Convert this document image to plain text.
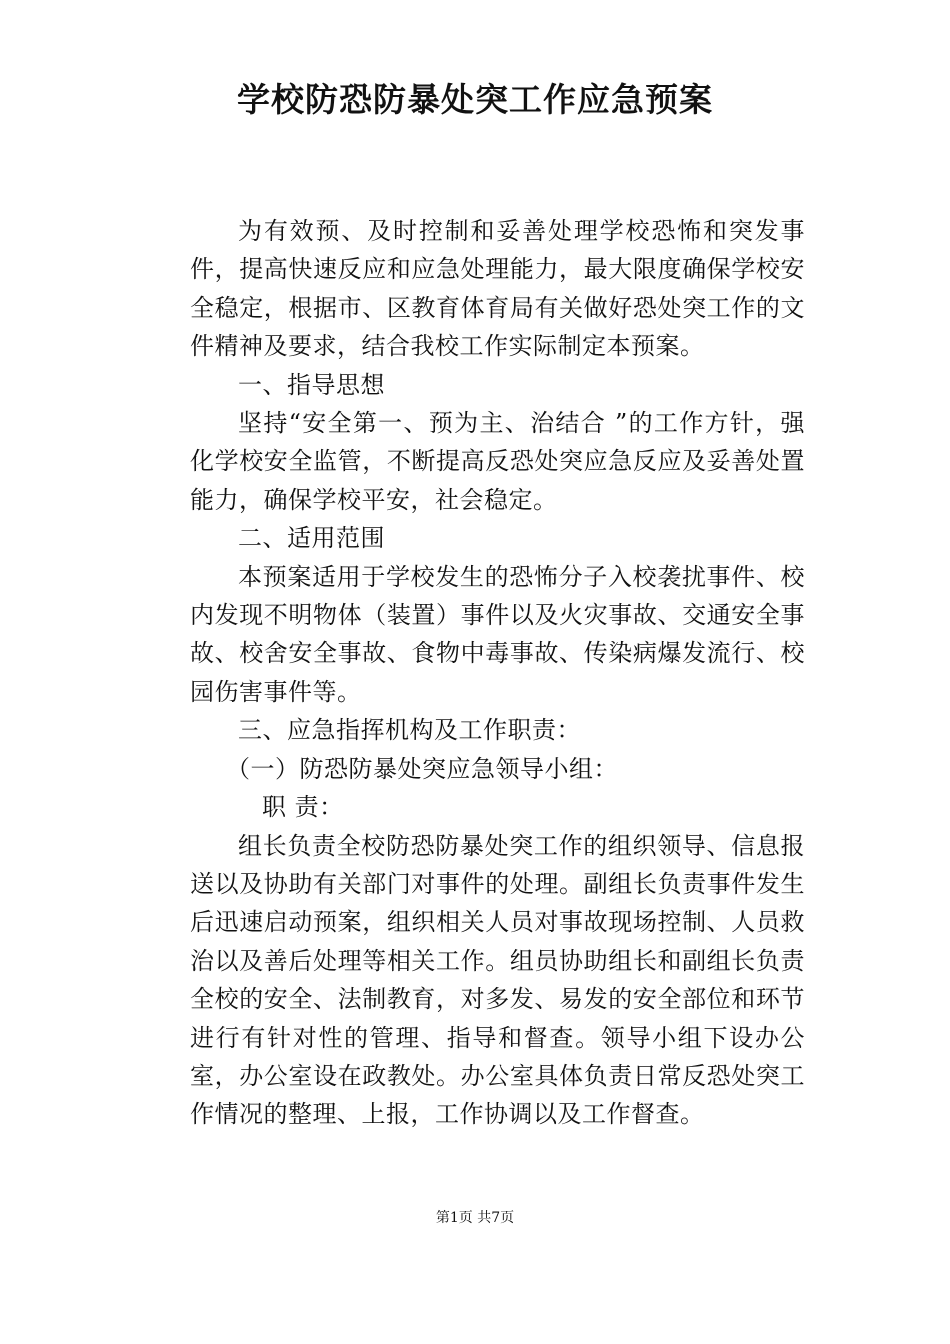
学校防恐防暴处突工作应急预案

为有效预、及时控制和妥善处理学校恐怖和突发事件，提高快速反应和应急处理能力，最大限度确保学校安全稳定，根据市、区教育体育局有关做好恐处突工作的文件精神及要求，结合我校工作实际制定本预案。

一、指导思想

坚持“安全第一、预为主、治结合 ”的工作方针，强化学校安全监管，不断提高反恐处突应急反应及妥善处置能力，确保学校平安，社会稳定。

二、适用范围

本预案适用于学校发生的恐怖分子入校袭扰事件、校内发现不明物体（装置）事件以及火灾事故、交通安全事故、校舍安全事故、食物中毒事故、传染病爆发流行、校园伤害事件等。

三、应急指挥机构及工作职责：

（一）防恐防暴处突应急领导小组：

职 责：

组长负责全校防恐防暴处突工作的组织领导、信息报送以及协助有关部门对事件的处理。副组长负责事件发生后迅速启动预案，组织相关人员对事故现场控制、人员救治以及善后处理等相关工作。组员协助组长和副组长负责全校的安全、法制教育，对多发、易发的安全部位和环节进行有针对性的管理、指导和督查。领导小组下设办公室，办公室设在政教处。办公室具体负责日常反恐处突工作情况的整理、上报，工作协调以及工作督查。

第1页 共7页
